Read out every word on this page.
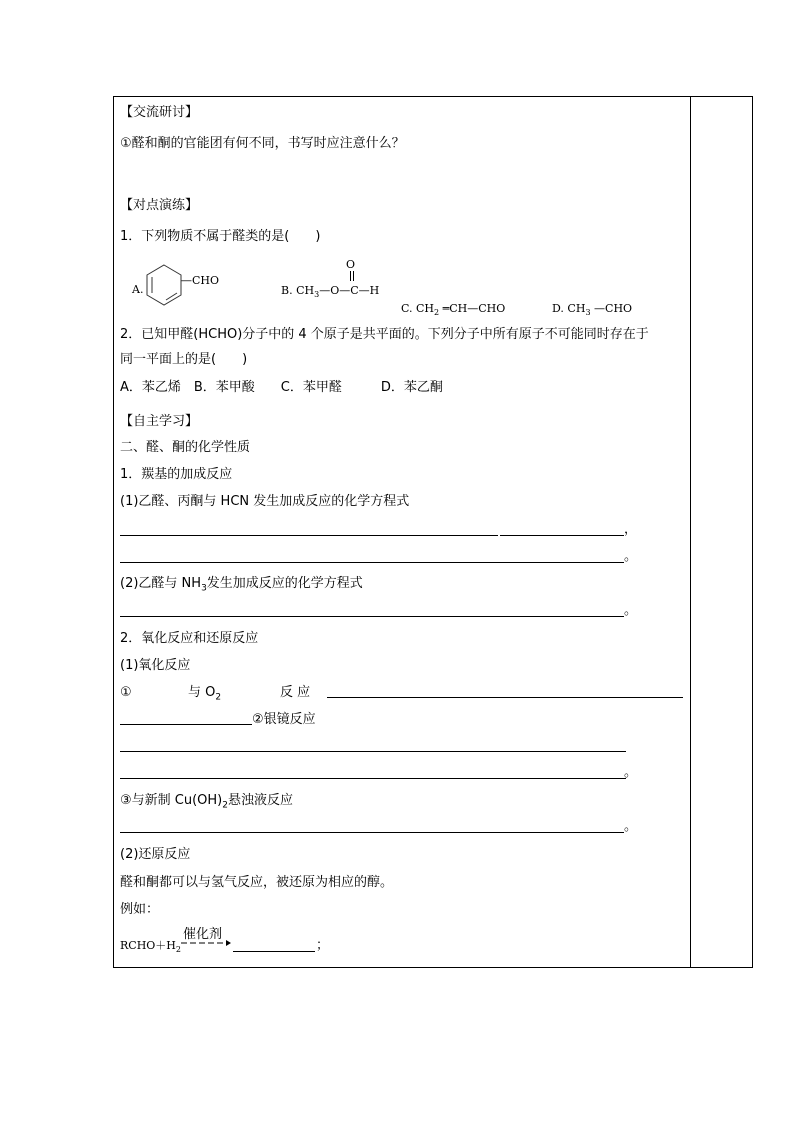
【交流研讨】
①醛和酮的官能团有何不同，书写时应注意什么？
【对点演练】
1．下列物质不属于醛类的是(　　)
A.
—CHO
O
B. $CH_3—O—C—H$
C. $CH_2$ ═CH—CHO	D. $CH_3$ —CHO
2．已知甲醛(HCHO)分子中的 4 个原子是共平面的。下列分子中所有原子不可能同时存在于
同一平面上的是(　　)
A．苯乙烯　B．苯甲酸　　C．苯甲醛　　　D．苯乙酮
【自主学习】
二、醛、酮的化学性质
1．羰基的加成反应
(1)乙醛、丙酮与 HCN 发生加成反应的化学方程式
，
。
(2)乙醛与 $NH_3$发生加成反应的化学方程式
。
2．氧化反应和还原反应
(1)氧化反应
①	与 $O_2$	反 应
②银镜反应
。
③与新制 $Cu(OH)_2$悬浊液反应
。
(2)还原反应
醛和酮都可以与氢气反应，被还原为相应的醇。
例如：
$RCHO+H_2$
催化剂
；
